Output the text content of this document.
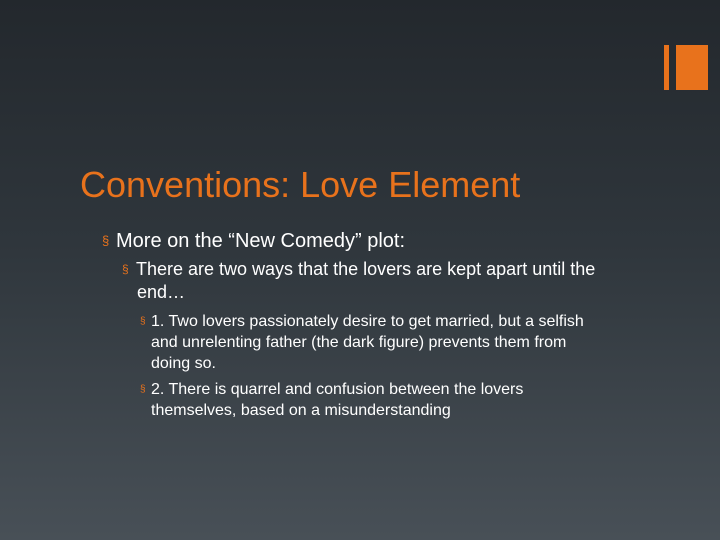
Conventions: Love Element
§ More on the “New Comedy” plot:
§ There are two ways that the lovers are kept apart until the
end…
§ 1. Two lovers passionately desire to get married, but a selfish
and unrelenting father (the dark figure) prevents them from
doing so.
§ 2. There is quarrel and confusion between the lovers
themselves, based on a misunderstanding
